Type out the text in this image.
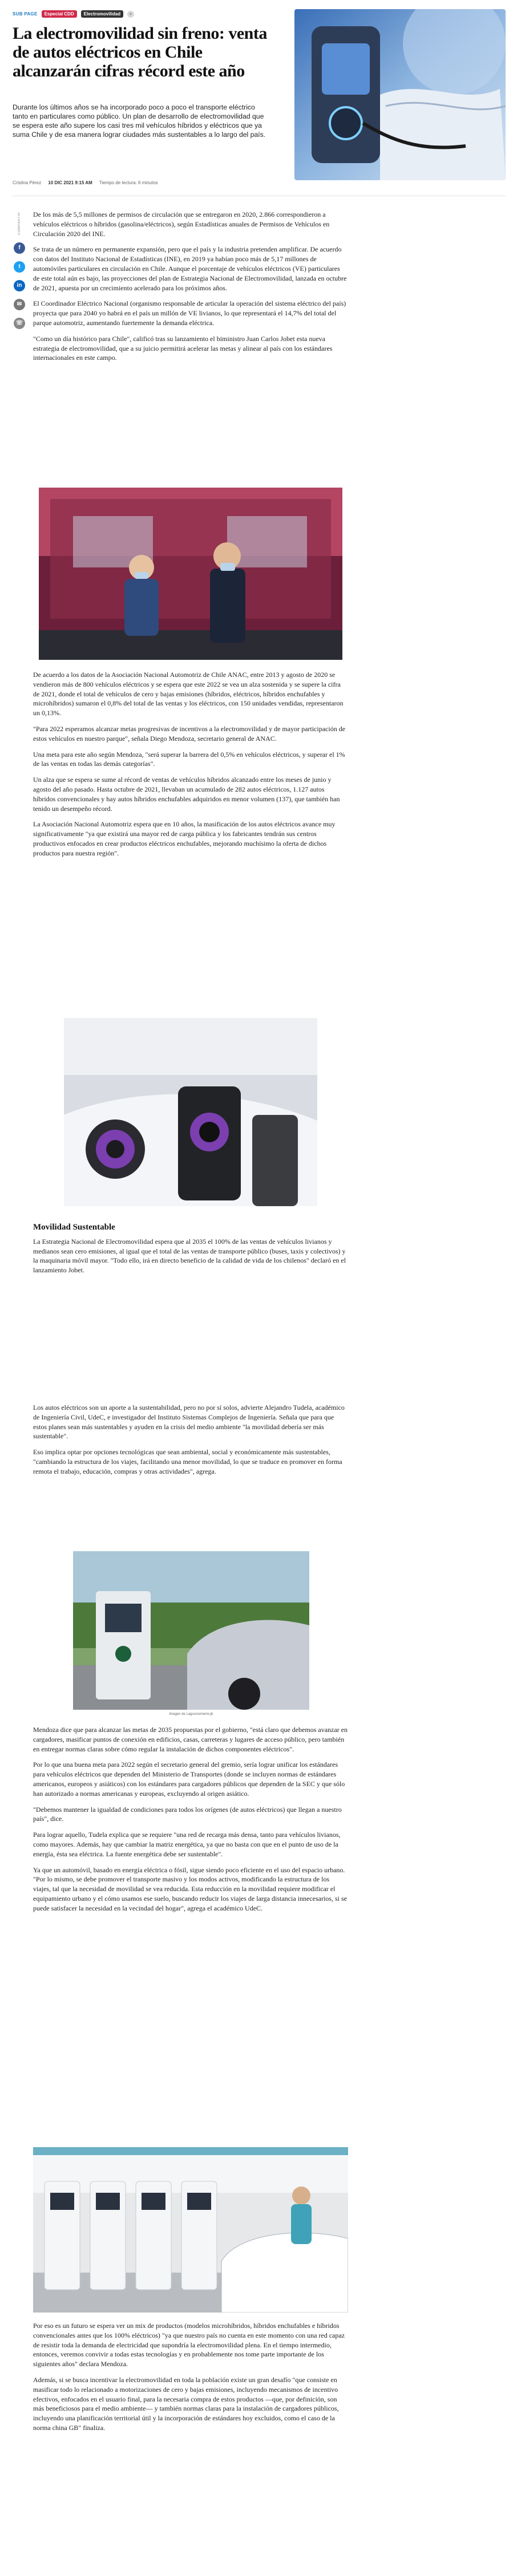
SUB PAGE	Especial CDD	Electromovilidad	+
La electromovilidad sin freno: venta de autos eléctricos en Chile alcanzarán cifras récord este año

Durante los últimos años se ha incorporado poco a poco el transporte eléctrico tanto en particulares como público. Un plan de desarrollo de electromovilidad que se espera este año supere los casi tres mil vehículos híbridos y eléctricos que ya suma Chile y de esa manera lograr ciudades más sustentables a lo largo del país.

Cristina Pérez 10 DIC 2021 9:15 AM Tiempo de lectura: 6 minutos
COMPARTIR
f
t
in
✉
☏

De los más de 5,5 millones de permisos de circulación que se entregaron en 2020, 2.866 correspondieron a vehículos eléctricos o híbridos (gasolina/eléctricos), según Estadísticas anuales de Permisos de Vehículos en Circulación 2020 del INE.

Se trata de un número en permanente expansión, pero que el país y la industria pretenden amplificar. De acuerdo con datos del Instituto Nacional de Estadísticas (INE), en 2019 ya habían poco más de 5,17 millones de automóviles particulares en circulación en Chile. Aunque el porcentaje de vehículos eléctricos (VE) particulares de este total aún es bajo, las proyecciones del plan de Estrategia Nacional de Electromovilidad, lanzada en octubre de 2021, apuesta por un crecimiento acelerado para los próximos años.

El Coordinador Eléctrico Nacional (organismo responsable de articular la operación del sistema eléctrico del país) proyecta que para 2040 yo habrá en el país un millón de VE livianos, lo que representará el 14,7% del total del parque automotriz, aumentando fuertemente la demanda eléctrica.

"Como un día histórico para Chile", calificó tras su lanzamiento el biministro Juan Carlos Jobet esta nueva estrategia de electromovilidad, que a su juicio permitirá acelerar las metas y alinear al país con los estándares internacionales en este campo.

De acuerdo a los datos de la Asociación Nacional Automotriz de Chile ANAC, entre 2013 y agosto de 2020 se vendieron más de 800 vehículos eléctricos y se espera que este 2022 se vea un alza sostenida y se supere la cifra de 2021, donde el total de vehículos de cero y bajas emisiones (híbridos, eléctricos, híbridos enchufables y microhíbridos) sumaron el 0,8% del total de las ventas y los eléctricos, con 150 unidades vendidas, representaron un 0,13%.

"Para 2022 esperamos alcanzar metas progresivas de incentivos a la electromovilidad y de mayor participación de estos vehículos en nuestro parque", señala Diego Mendoza, secretario general de ANAC.

Una meta para este año según Mendoza, "será superar la barrera del 0,5% en vehículos eléctricos, y superar el 1% de las ventas en todas las demás categorías".

Un alza que se espera se sume al récord de ventas de vehículos híbridos alcanzado entre los meses de junio y agosto del año pasado. Hasta octubre de 2021, llevaban un acumulado de 282 autos eléctricos, 1.127 autos híbridos convencionales y hay autos híbridos enchufables adquiridos en menor volumen (137), que también han tenido un desempeño récord.

La Asociación Nacional Automotriz espera que en 10 años, la masificación de los autos eléctricos avance muy significativamente "ya que existirá una mayor red de carga pública y los fabricantes tendrán sus centros productivos enfocados en crear productos eléctricos enchufables, mejorando muchísimo la oferta de dichos productos para nuestra región".

Movilidad Sustentable

La Estrategia Nacional de Electromovilidad espera que al 2035 el 100% de las ventas de vehículos livianos y medianos sean cero emisiones, al igual que el total de las ventas de transporte público (buses, taxis y colectivos) y la maquinaria móvil mayor. "Todo ello, irá en directo beneficio de la calidad de vida de los chilenos" declaró en el lanzamiento Jobet.

Los autos eléctricos son un aporte a la sustentabilidad, pero no por sí solos, advierte Alejandro Tudela, académico de Ingeniería Civil, UdeC, e investigador del Instituto Sistemas Complejos de Ingeniería. Señala que para que estos planes sean más sustentables y ayuden en la crisis del medio ambiente "la movilidad debería ser más sustentable".

Eso implica optar por opciones tecnológicas que sean ambiental, social y económicamente más sustentables, "cambiando la estructura de los viajes, facilitando una menor movilidad, lo que se traduce en promover en forma remota el trabajo, educación, compras y otras actividades", agrega.

Imagen de Lagos/cemenio.jb

Mendoza dice que para alcanzar las metas de 2035 propuestas por el gobierno, "está claro que debemos avanzar en cargadores, masificar puntos de conexión en edificios, casas, carreteras y lugares de acceso público, pero también en entregar normas claras sobre cómo regular la instalación de dichos componentes eléctricos".

Por lo que una buena meta para 2022 según el secretario general del gremio, sería lograr unificar los estándares para vehículos eléctricos que dependen del Ministerio de Transportes (donde se incluyen normas de estándares americanos, europeos y asiáticos) con los estándares para cargadores públicos que dependen de la SEC y que sólo han autorizado a normas americanas y europeas, excluyendo al origen asiático.

"Debemos mantener la igualdad de condiciones para todos los orígenes (de autos eléctricos) que llegan a nuestro país", dice.

Para lograr aquello, Tudela explica que se requiere "una red de recarga más densa, tanto para vehículos livianos, como mayores. Además, hay que cambiar la matriz energética, ya que no basta con que en el punto de uso de la energía, ésta sea eléctrica. La fuente energética debe ser sustentable".

Ya que un automóvil, basado en energía eléctrica o fósil, sigue siendo poco eficiente en el uso del espacio urbano. "Por lo mismo, se debe promover el transporte masivo y los modos activos, modificando la estructura de los viajes, tal que la necesidad de movilidad se vea reducida. Esta reducción en la movilidad requiere modificar el equipamiento urbano y el cómo usamos ese suelo, buscando reducir los viajes de larga distancia innecesarios, si se puede satisfacer la necesidad en la vecindad del hogar", agrega el académico UdeC.

Por eso es un futuro se espera ver un mix de productos (modelos microhíbridos, híbridos enchufables e híbridos convencionales antes que los 100% eléctricos) "ya que nuestro país no cuenta en este momento con una red capaz de resistir toda la demanda de electricidad que supondría la electromovilidad plena. En el tiempo intermedio, entonces, veremos convivir a todas estas tecnologías y en probablemente nos tome parte importante de los siguientes años" declara Mendoza.

Además, si se busca incentivar la electromovilidad en toda la población existe un gran desafío "que consiste en masificar todo lo relacionado a motorizaciones de cero y bajas emisiones, incluyendo mecanismos de incentivo efectivos, enfocados en el usuario final, para la necesaria compra de estos productos —que, por definición, son más beneficiosos para el medio ambiente— y también normas claras para la instalación de cargadores públicos, incluyendo una planificación territorial útil y la incorporación de estándares hoy excluidos, como el caso de la norma china GB" finaliza.
